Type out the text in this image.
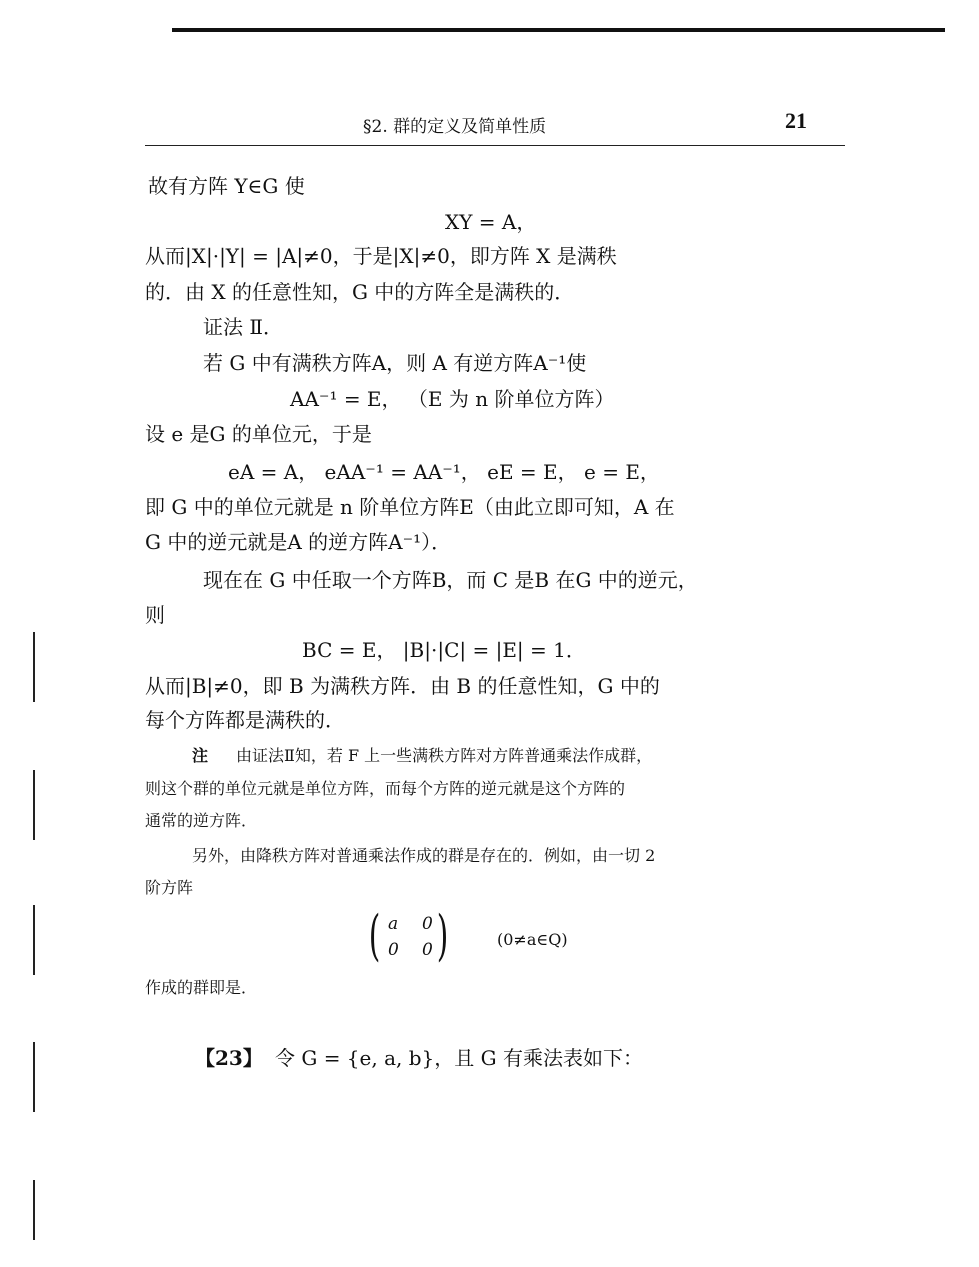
§2. 群的定义及简单性质	21
故有方阵 Y∈G 使
XY = A，
从而|X|·|Y| = |A|≠0，于是|X|≠0，即方阵 X 是满秩
的．由 X 的任意性知，G 中的方阵全是满秩的．
证法 Ⅱ．
若 G 中有满秩方阵A，则 A 有逆方阵A⁻¹使
AA⁻¹ = E， （E 为 n 阶单位方阵）
设 e 是G 的单位元，于是
eA = A， eAA⁻¹ = AA⁻¹， eE = E， e = E，
即 G 中的单位元就是 n 阶单位方阵E（由此立即可知，A 在
G 中的逆元就是A 的逆方阵A⁻¹）．
现在在 G 中任取一个方阵B，而 C 是B 在G 中的逆元，
则
BC = E， |B|·|C| = |E| = 1．
从而|B|≠0，即 B 为满秩方阵．由 B 的任意性知，G 中的
每个方阵都是满秩的．
注 由证法Ⅱ知，若 F 上一些满秩方阵对方阵普通乘法作成群，
则这个群的单位元就是单位方阵，而每个方阵的逆元就是这个方阵的
通常的逆方阵．
另外，由降秩方阵对普通乘法作成的群是存在的．例如，由一切 2
阶方阵
( a 0
0 0 )	(0≠a∈Q)
作成的群即是．
【23】 令 G = {e, a, b}，且 G 有乘法表如下：
